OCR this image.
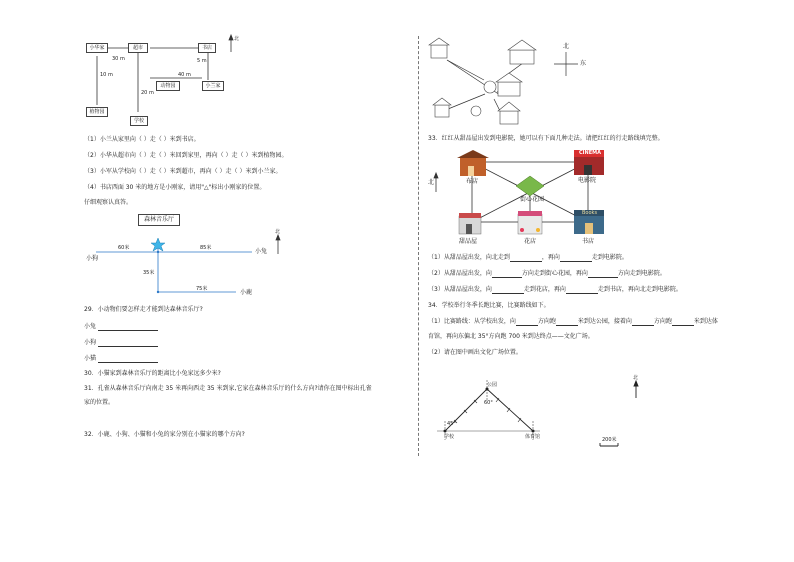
小华家	超市	书店
动物园	小兰家
学校
植物园
30 m	5 m
40 m
10 m
20 m
北
（1）小兰从家里向（ ）走（ ）米到书店。
（2）小华从超市向（ ）走（ ）米回到家里，再向（ ）走（ ）米到植物园。
（3）小军从学校向（ ）走（ ）米到超市，再向（ ）走（ ）米到小兰家。
（4）书店西面 30 米的地方是小刚家，请用"△"标出小刚家的位置。
仔细观察认真答。
森林音乐厅
小狗
小兔
小鹿
60米	85米
35米
75米
北
29．小动物们要怎样走才能到达森林音乐厅?
小兔
小狗
小猫
30．小猫家到森林音乐厅的距离比小兔家远多少米?
31．孔雀从森林音乐厅向南走 35 米再向西走 35 米到家,它家在森林音乐厅的什么方向?请你在图中标出孔雀
家的位置。
32．小鹿、小狗、小猫和小兔的家分别在小猫家的哪个方向?
北
东
33．红红从甜品屋出发到电影院，她可以有下面几种走法。请把红红的行走路线填完整。
CINEMA
Books
布店	电影院
街心花园
甜品屋	花店	书店
北
（1）从甜品屋出发，向北走到	，再向	走到电影院。
（2）从甜品屋出发，向	方向走到街心花园，再向	方向走到电影院。
（3）从甜品屋出发，向	走到花店，再向	走到书店，再向北走到电影院。
34．学校举行冬季长跑比赛，比赛路线如下。
（1）比赛路线：从学校出发，向	方向跑	米到达公园，接着向	方向跑	米到达体
育馆，再向东偏北 35°方向跑 700 米到达终点——文化广场。
（2）请在图中画出文化广场位置。
公园
60°
45°
学校	体育馆	200米
北
